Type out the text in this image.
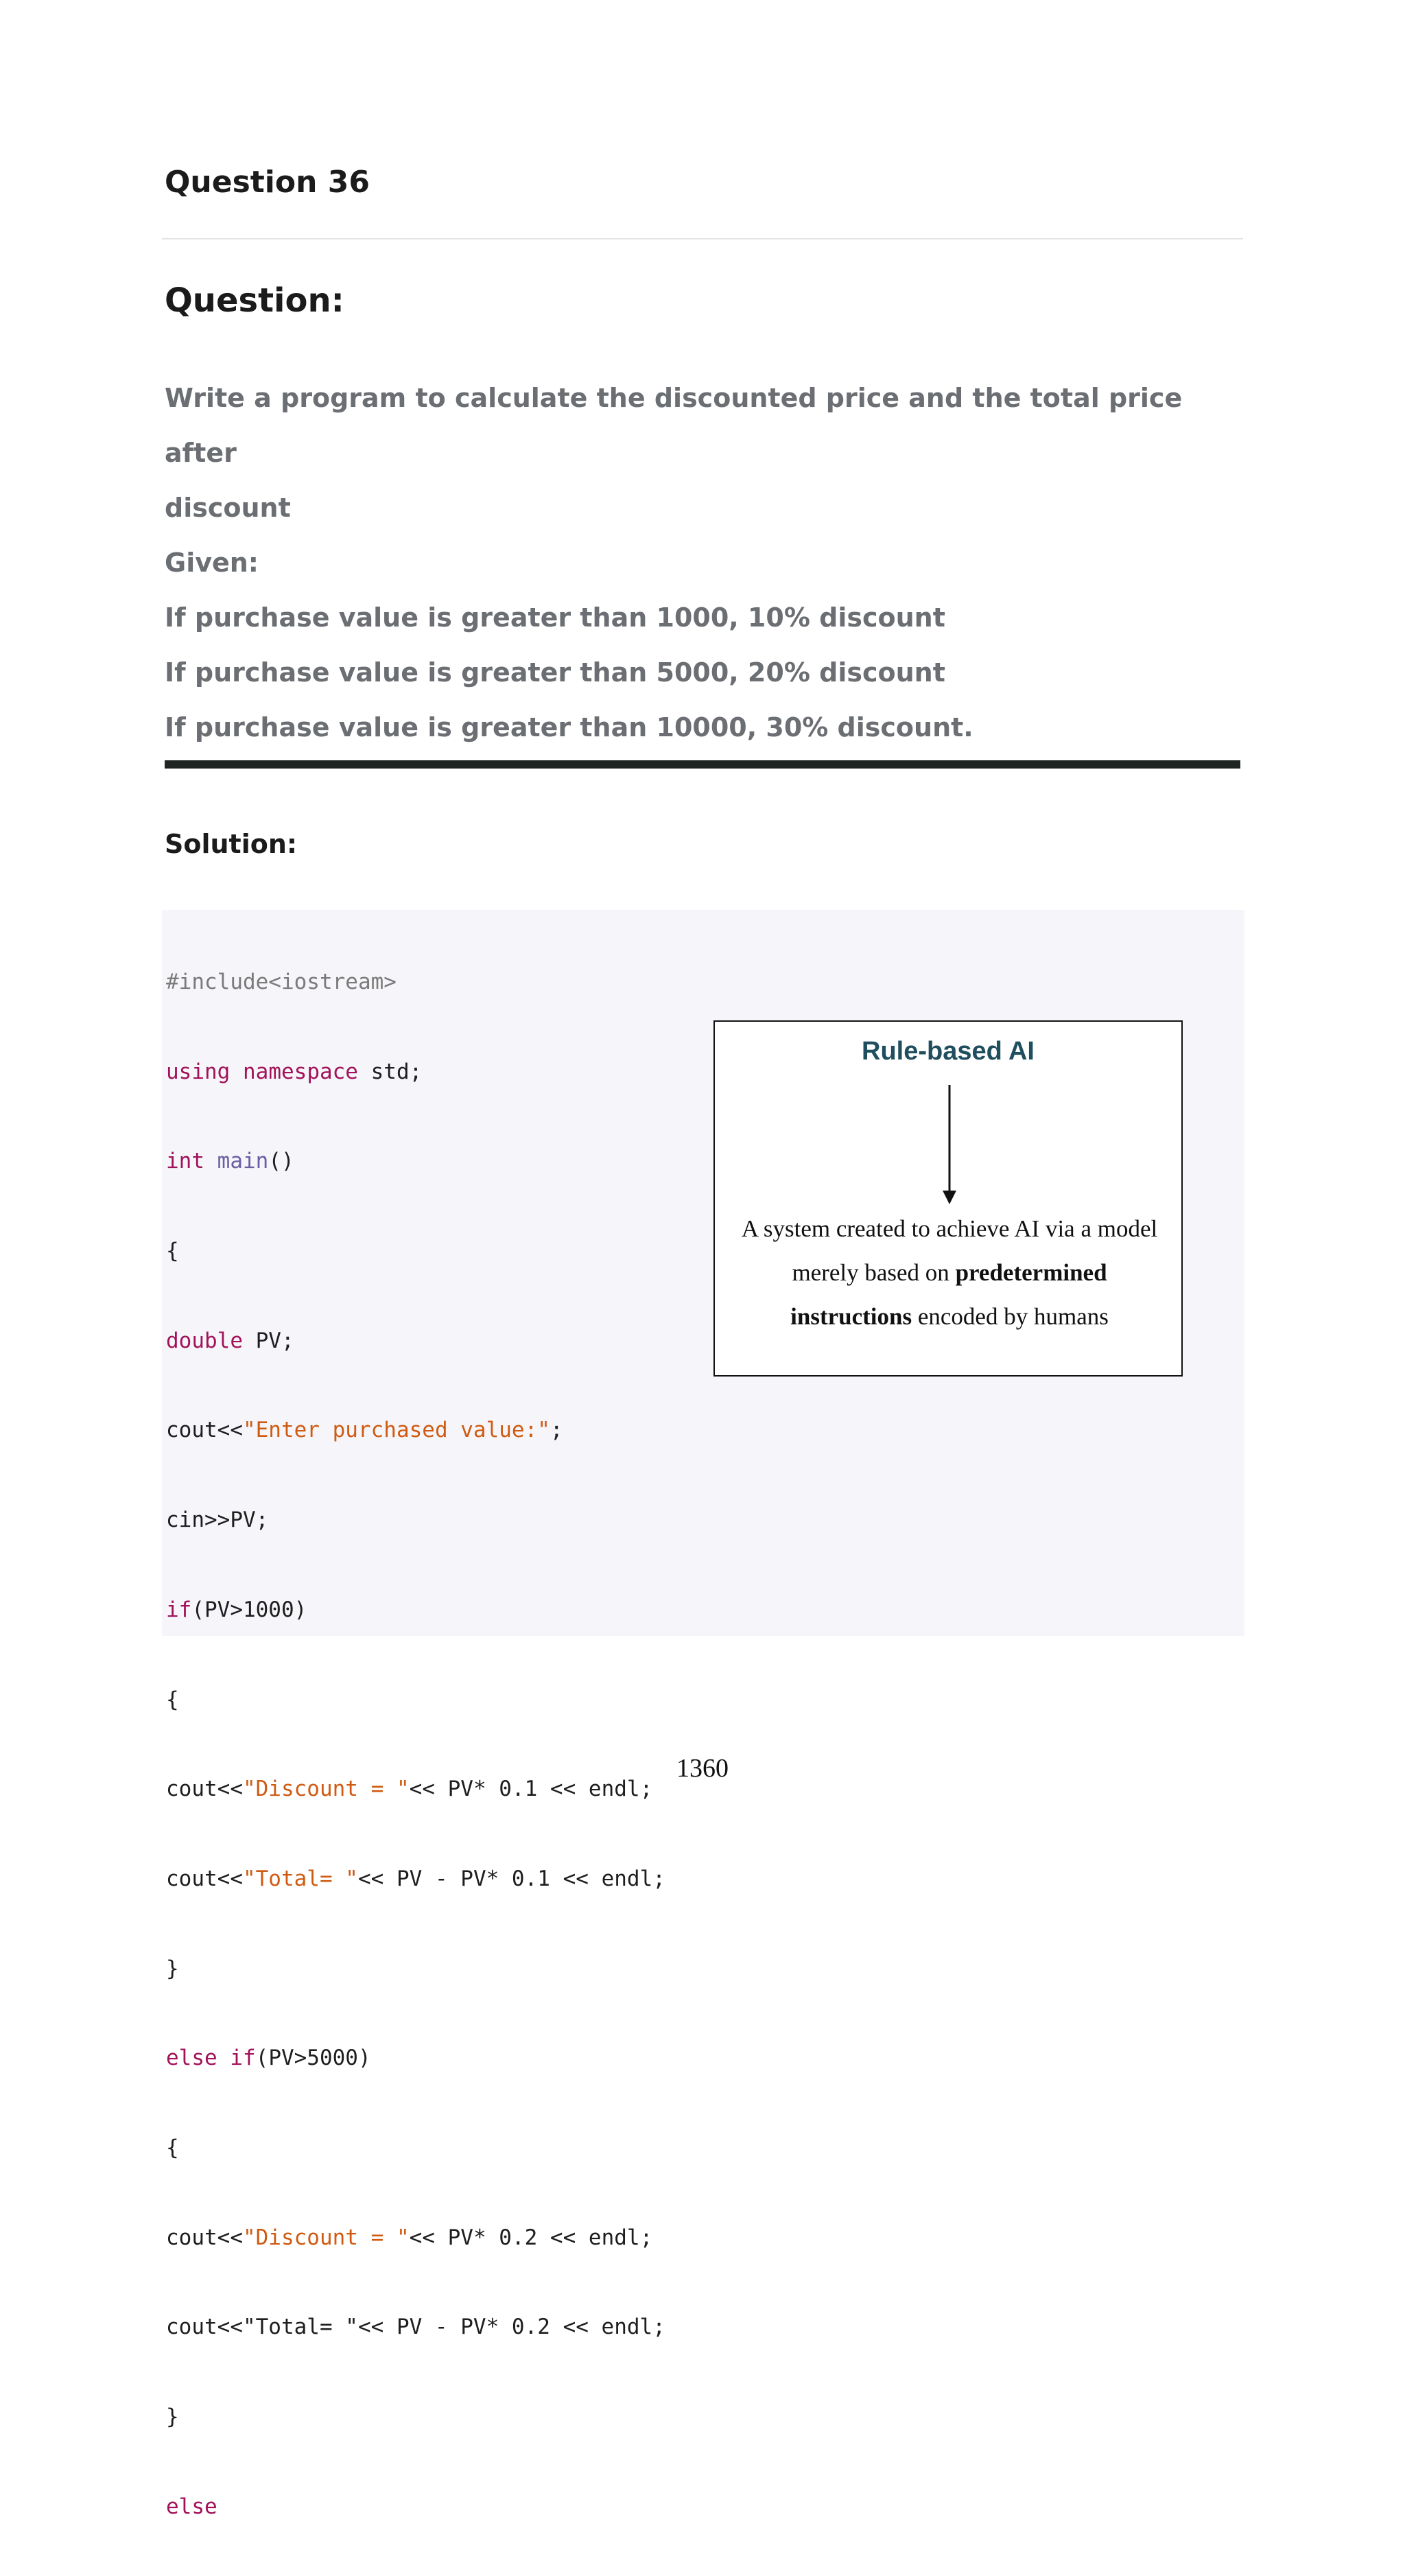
Question 36
Question:
Write a program to calculate the discounted price and the total price after
discount
Given:
If purchase value is greater than 1000, 10% discount
If purchase value is greater than 5000, 20% discount
If purchase value is greater than 10000, 30% discount.
Solution:

#include<iostream>

using namespace std;

int main()

{

double PV;

cout<<"Enter purchased value:";

cin>>PV;

if(PV>1000)

{

cout<<"Discount = "<< PV* 0.1 << endl;

cout<<"Total= "<< PV - PV* 0.1 << endl;

}

else if(PV>5000)

{

cout<<"Discount = "<< PV* 0.2 << endl;

cout<<"Total= "<< PV - PV* 0.2 << endl;

}

else

Rule-based AI
A system created to achieve AI via a model merely based on predetermined instructions encoded by humans
1360
